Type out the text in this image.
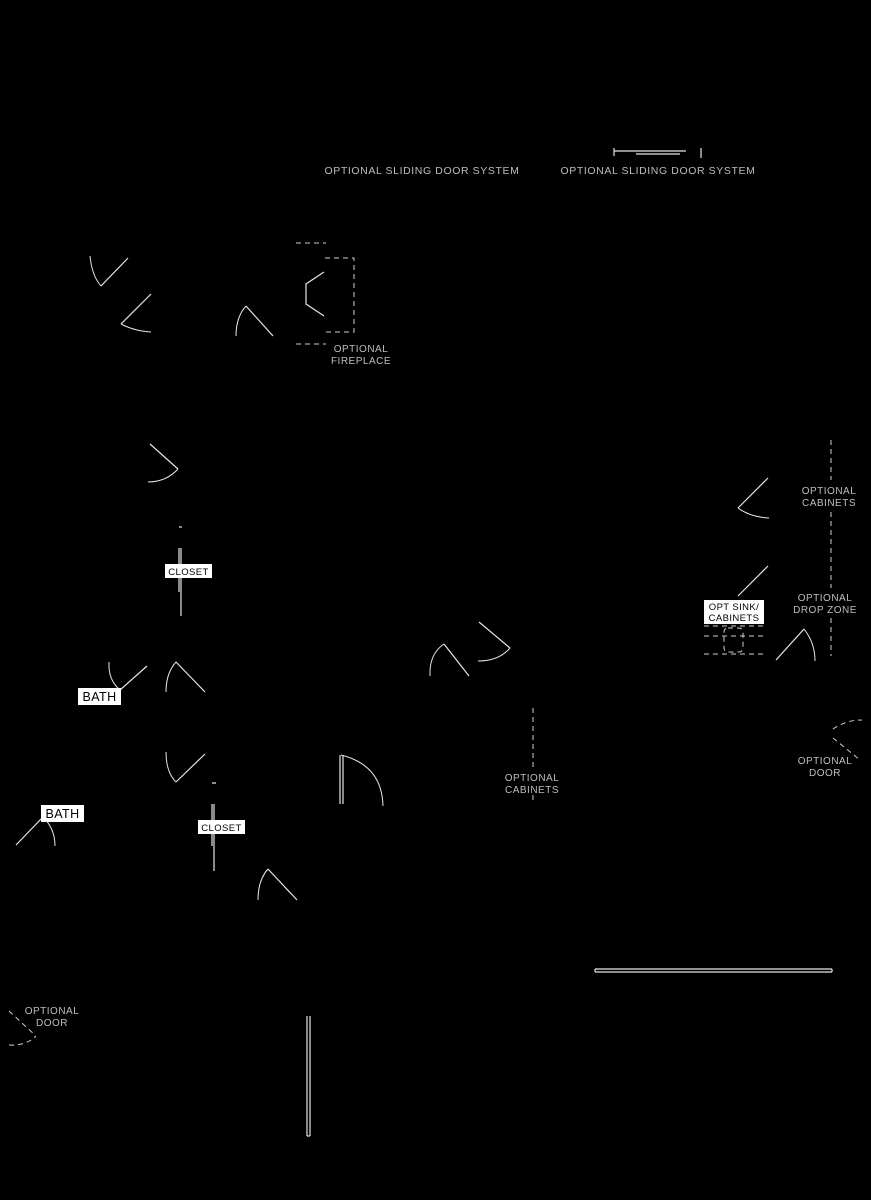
OPTIONAL SLIDING DOOR SYSTEM	OPTIONAL SLIDING DOOR SYSTEM
OPTIONAL
FIREPLACE
CLOSET
BATH
CLOSET
BATH
OPTIONAL
CABINETS
OPTIONAL
CABINETS
OPTIONAL
DROP ZONE
OPT SINK/
CABINETS
OPTIONAL
DOOR
OPTIONAL
DOOR
